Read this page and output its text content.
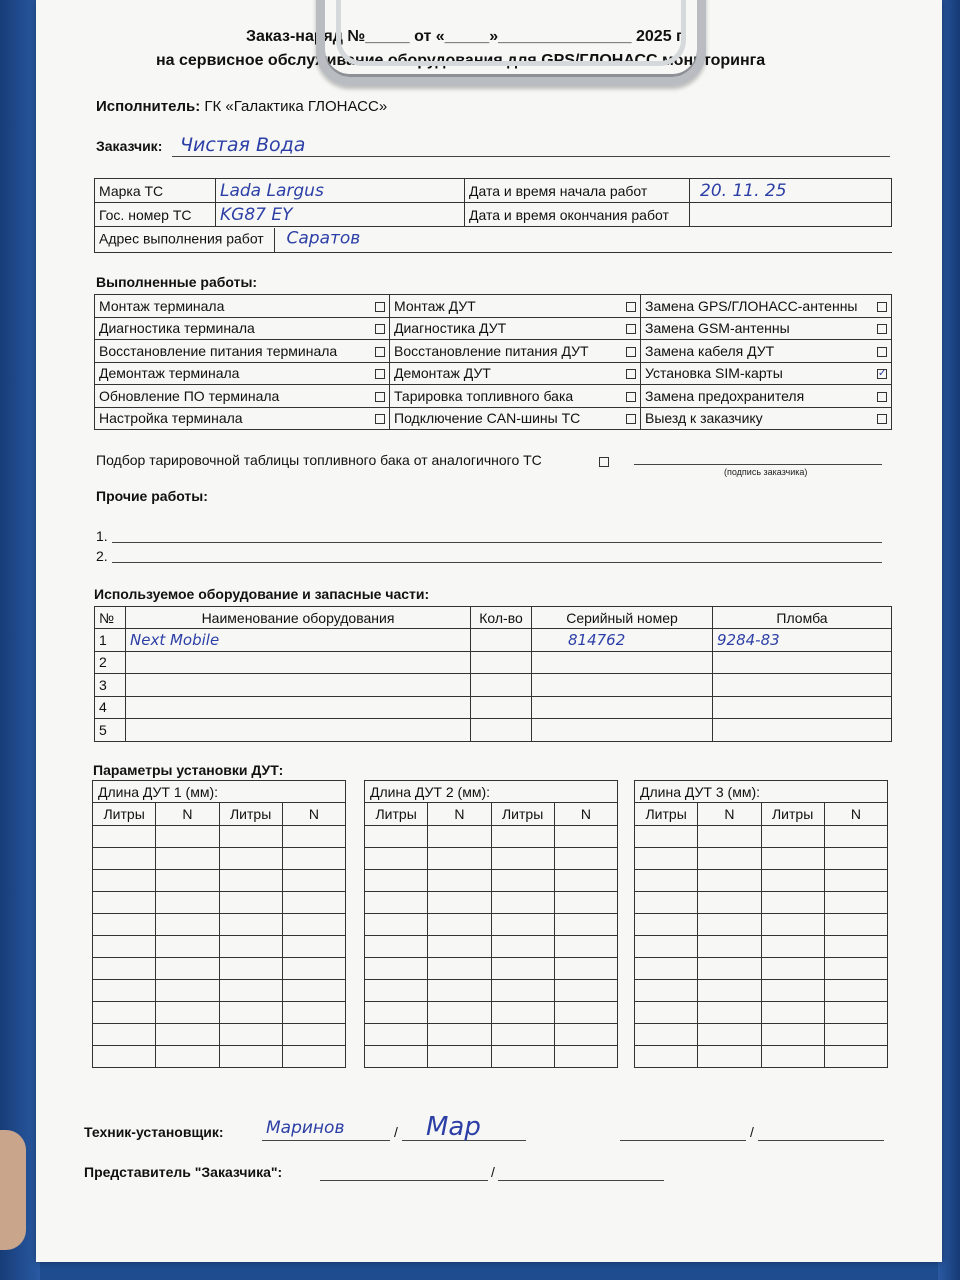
Заказ-наряд №_____ от «_____»_______________ 2025 г.
на сервисное обслуживание оборудования для GPS/ГЛОНАСС мониторинга
Исполнитель: ГК «Галактика ГЛОНАСС»
Заказчик: Чистая Вода
Марка ТС	Lada Largus	Дата и время начала работ	20. 11. 25
Гос. номер ТС	KG87 EY	Дата и время окончания работ	
Адрес выполнения работ Саратов			
Выполненные работы:
Монтаж терминала	Монтаж ДУТ	Замена GPS/ГЛОНАСС-антенны

Диагностика терминала	Диагностика ДУТ	Замена GSM-антенны

Восстановление питания терминала	Восстановление питания ДУТ	Замена кабеля ДУТ

Демонтаж терминала	Демонтаж ДУТ	Установка SIM-карты ✓

Обновление ПО терминала	Тарировка топливного бака	Замена предохранителя

Настройка терминала	Подключение CAN-шины ТС	Выезд к заказчику
Подбор тарировочной таблицы топливного бака от аналогичного ТС
(подпись заказчика)
Прочие работы:
1.
2.
Используемое оборудование и запасные части:
№	Наименование оборудования	Кол-во	Серийный номер	Пломба
1	Next Mobile		814762	9284-83
2				
3				
4				
5				
Параметры установки ДУТ:
Техник-установщик: Маринов	/ Мар	/
Представитель "Заказчика":	/
Длина ДУТ 1 (мм):			
Литры	N	Литры	N

Длина ДУТ 2 (мм):			
Литры	N	Литры	N

Длина ДУТ 3 (мм):			
Литры	N	Литры	N
